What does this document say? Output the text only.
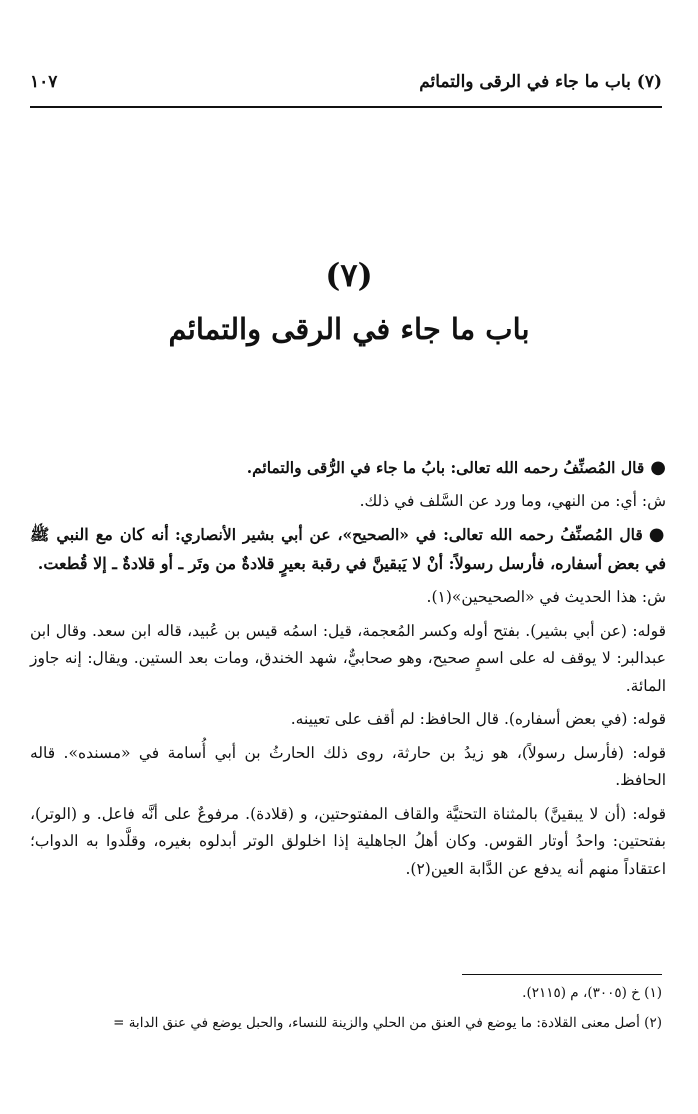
(٧) باب ما جاء في الرقى والتمائم
١٠٧
(٧)
باب ما جاء في الرقى والتمائم

●قال المُصنِّفُ رحمه الله تعالى: بابُ ما جاء في الرُّقى والتمائم.

ش: أي: من النهي، وما ورد عن السَّلف في ذلك.

●قال المُصنِّفُ رحمه الله تعالى: في «الصحيح»، عن أبي بشير الأنصاري: أنه كان مع النبي ﷺ في بعض أسفاره، فأرسل رسولاً: أنْ لا يَبقينَّ في رقبة بعيرٍ قلادةٌ من وتَر ـ أو قلادةٌ ـ إلا قُطعت.

ش: هذا الحديث في «الصحيحين»(١).

قوله: (عن أبي بشير). بفتح أوله وكسر المُعجمة، قيل: اسمُه قيس بن عُبيد، قاله ابن سعد. وقال ابن عبدالبر: لا يوقف له على اسمٍ صحيح، وهو صحابيٌّ، شهد الخندق، ومات بعد الستين. ويقال: إنه جاوز المائة.

قوله: (في بعض أسفاره). قال الحافظ: لم أقف على تعيينه.

قوله: (فأرسل رسولاً)، هو زيدُ بن حارثة، روى ذلك الحارثُ بن أبي أُسامة في «مسنده». قاله الحافظ.

قوله: (أن لا يبقينَّ) بالمثناة التحتيَّة والقاف المفتوحتين، و (قلادة). مرفوعٌ على أنَّه فاعل. و (الوتر)، بفتحتين: واحدُ أوتار القوس. وكان أهلُ الجاهلية إذا اخلولق الوتر أبدلوه بغيره، وقلَّدوا به الدواب؛ اعتقاداً منهم أنه يدفع عن الدَّابة العين(٢).

(١) خ (٣٠٠٥)، م (٢١١٥).

(٢) أصل معنى القلادة: ما يوضع في العنق من الحلي والزينة للنساء، والحبل يوضع في عنق الدابة =
